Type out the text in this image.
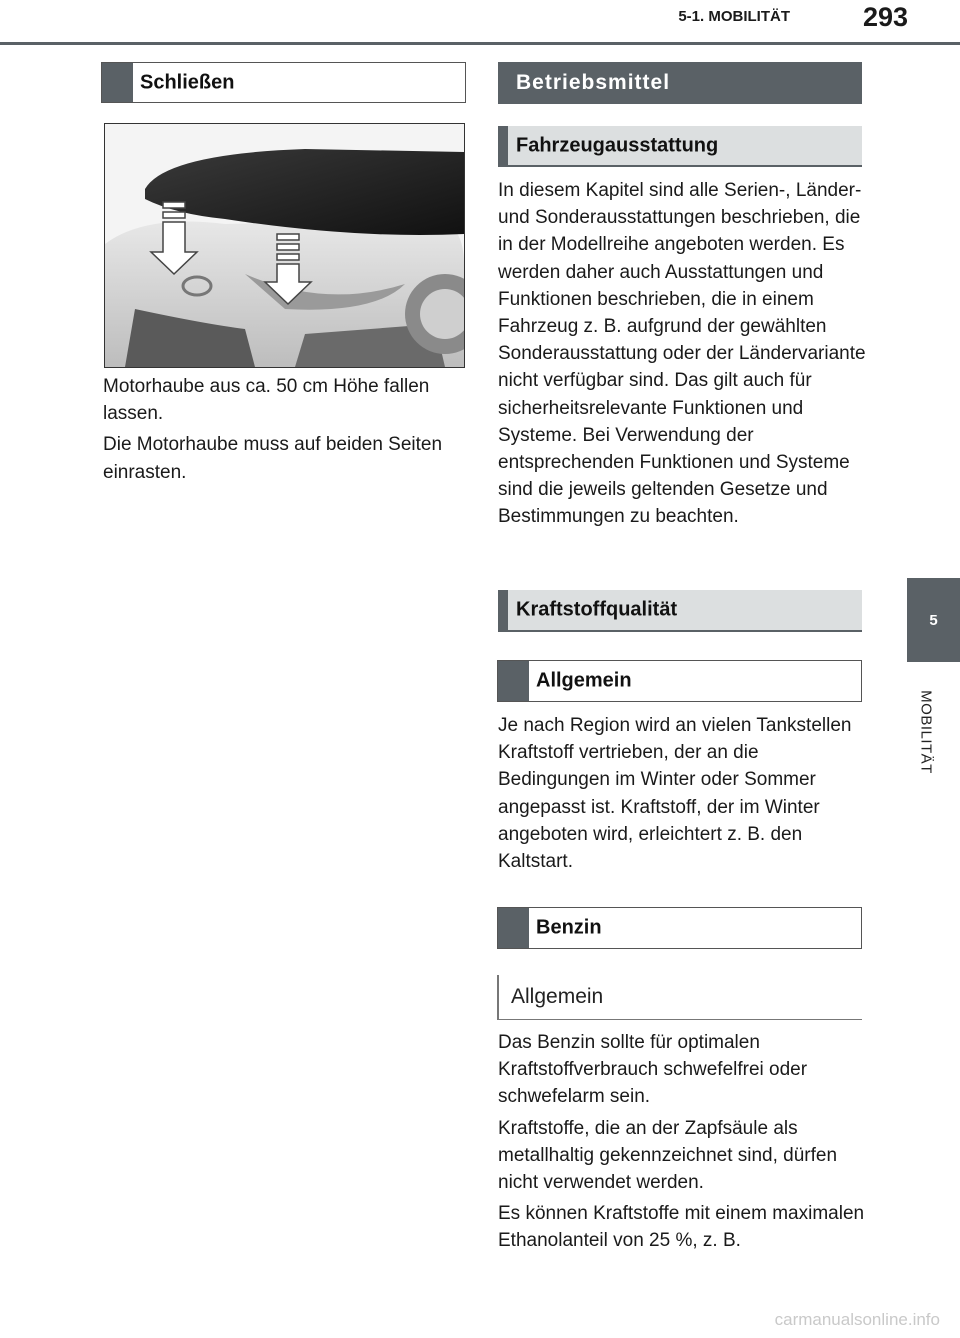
5-1. MOBILITÄT	293
5
MOBILITÄT
Schließen

Motorhaube aus ca. 50 cm Höhe fallen lassen.

Die Motorhaube muss auf beiden Seiten einrasten.

Betriebsmittel
Fahrzeugausstattung

In diesem Kapitel sind alle Serien-, Länder- und Sonderausstattungen beschrieben, die in der Modellreihe angeboten werden. Es werden daher auch Ausstattungen und Funktionen beschrieben, die in einem Fahrzeug z. B. aufgrund der gewählten Sonderausstattung oder der Ländervariante nicht verfügbar sind. Das gilt auch für sicherheitsrelevante Funktionen und Systeme. Bei Verwendung der entsprechenden Funktionen und Systeme sind die jeweils geltenden Gesetze und Bestimmungen zu beachten.

Kraftstoffqualität
Allgemein

Je nach Region wird an vielen Tankstellen Kraftstoff vertrieben, der an die Bedingungen im Winter oder Sommer angepasst ist. Kraftstoff, der im Winter angeboten wird, erleichtert z. B. den Kaltstart.

Benzin
Allgemein

Das Benzin sollte für optimalen Kraftstoffverbrauch schwefelfrei oder schwefelarm sein.

Kraftstoffe, die an der Zapfsäule als metallhaltig gekennzeichnet sind, dürfen nicht verwendet werden.

Es können Kraftstoffe mit einem maximalen Ethanolanteil von 25 %, z. B.

carmanualsonline.info
